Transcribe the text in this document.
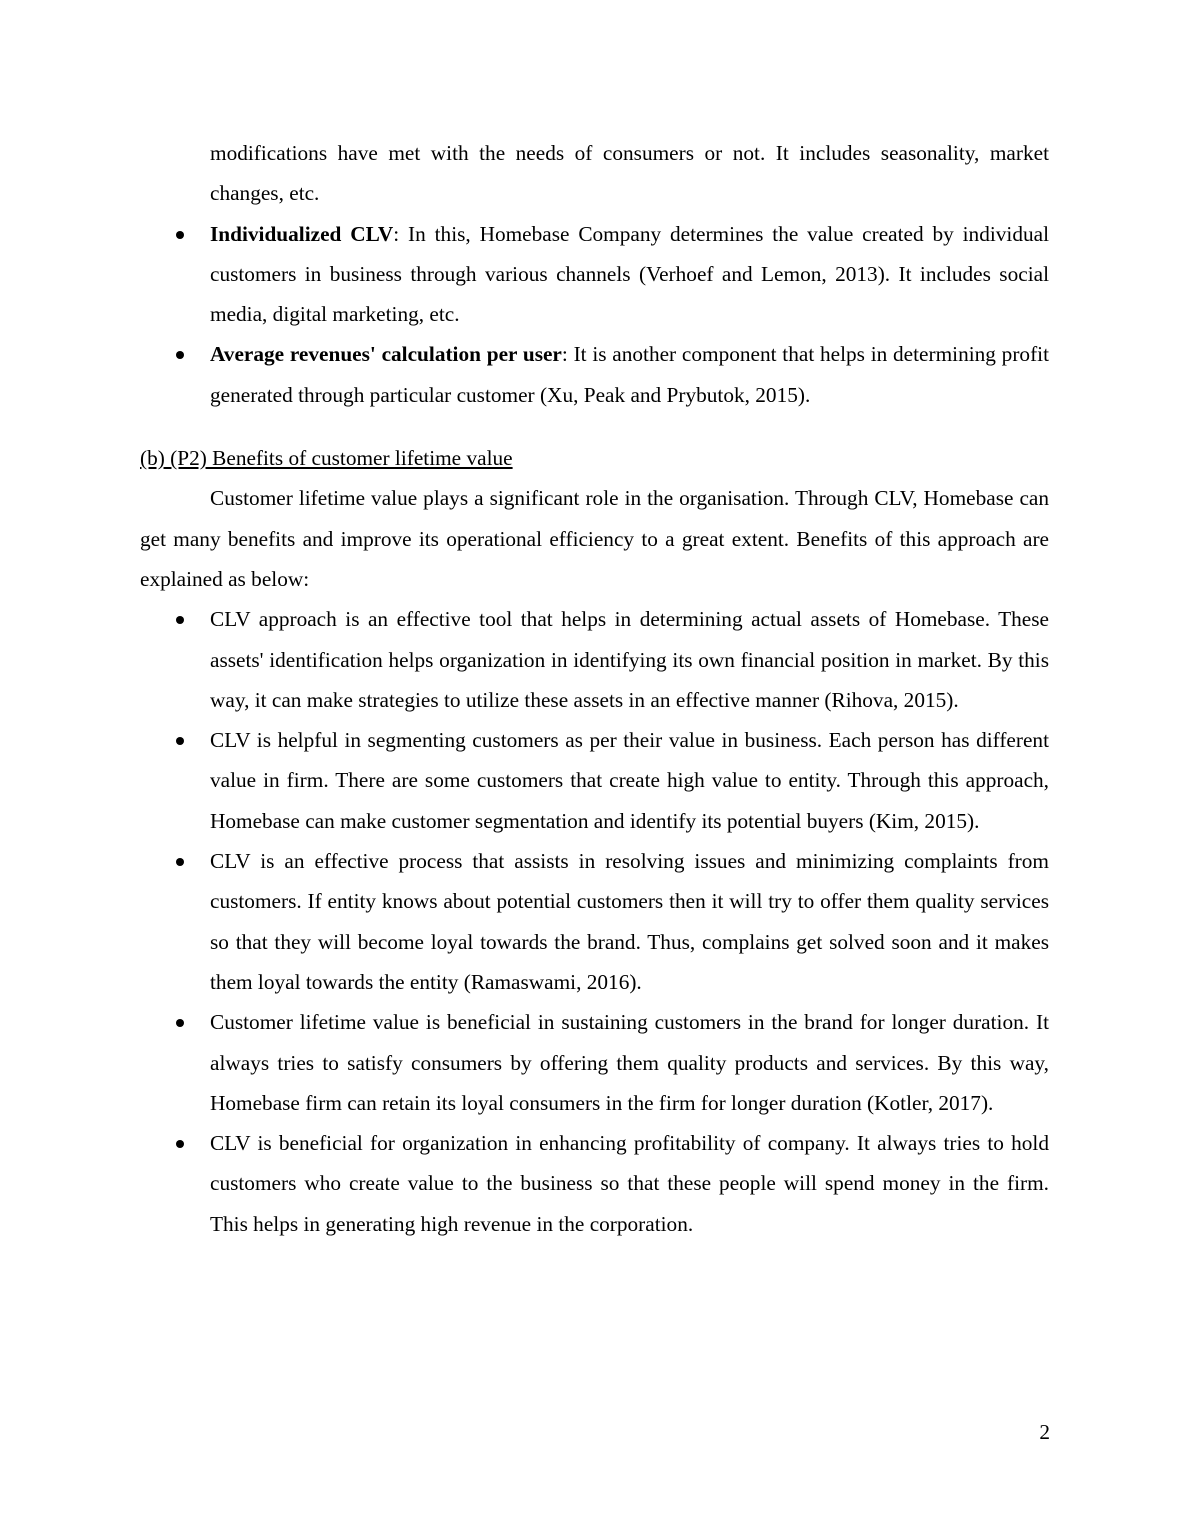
modifications have met with the needs of consumers or not. It includes seasonality, market changes, etc.

Individualized CLV: In this, Homebase Company determines the value created by individual customers in business through various channels (Verhoef and Lemon, 2013). It includes social media, digital marketing, etc.
Average revenues' calculation per user: It is another component that helps in determining profit generated through particular customer (Xu, Peak and Prybutok, 2015).

(b) (P2) Benefits of customer lifetime value

Customer lifetime value plays a significant role in the organisation. Through CLV, Homebase can get many benefits and improve its operational efficiency to a great extent. Benefits of this approach are explained as below:

CLV approach is an effective tool that helps in determining actual assets of Homebase. These assets' identification helps organization in identifying its own financial position in market. By this way, it can make strategies to utilize these assets in an effective manner (Rihova, 2015).
CLV is helpful in segmenting customers as per their value in business. Each person has different value in firm. There are some customers that create high value to entity. Through this approach, Homebase can make customer segmentation and identify its potential buyers (Kim, 2015).
CLV is an effective process that assists in resolving issues and minimizing complaints from customers. If entity knows about potential customers then it will try to offer them quality services so that they will become loyal towards the brand. Thus, complains get solved soon and it makes them loyal towards the entity (Ramaswami, 2016).
Customer lifetime value is beneficial in sustaining customers in the brand for longer duration. It always tries to satisfy consumers by offering them quality products and services. By this way, Homebase firm can retain its loyal consumers in the firm for longer duration (Kotler, 2017).
CLV is beneficial for organization in enhancing profitability of company. It always tries to hold customers who create value to the business so that these people will spend money in the firm. This helps in generating high revenue in the corporation.
2
